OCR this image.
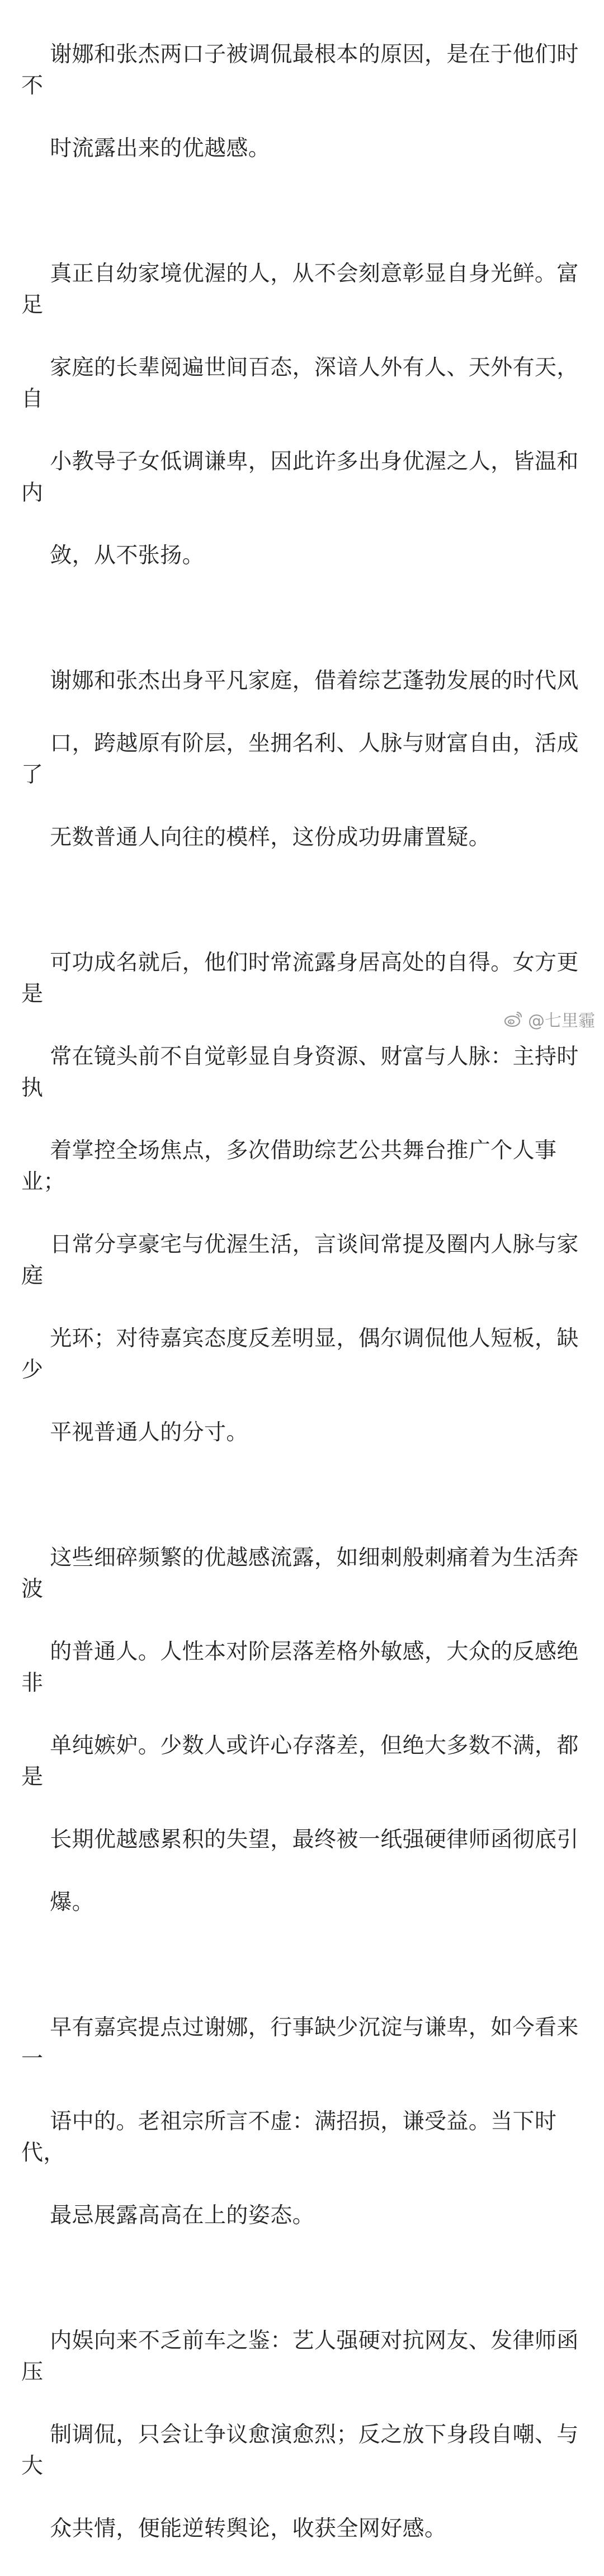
谢娜和张杰两口子被调侃最根本的原因，是在于他们时不

时流露出来的优越感。

真正自幼家境优渥的人，从不会刻意彰显自身光鲜。富足

家庭的长辈阅遍世间百态，深谙人外有人、天外有天，自

小教导子女低调谦卑，因此许多出身优渥之人，皆温和内

敛，从不张扬。

谢娜和张杰出身平凡家庭，借着综艺蓬勃发展的时代风

口，跨越原有阶层，坐拥名利、人脉与财富自由，活成了

无数普通人向往的模样，这份成功毋庸置疑。

可功成名就后，他们时常流露身居高处的自得。女方更是

常在镜头前不自觉彰显自身资源、财富与人脉：主持时执

着掌控全场焦点，多次借助综艺公共舞台推广个人事业；

日常分享豪宅与优渥生活，言谈间常提及圈内人脉与家庭

光环；对待嘉宾态度反差明显，偶尔调侃他人短板，缺少

平视普通人的分寸。

这些细碎频繁的优越感流露，如细刺般刺痛着为生活奔波

的普通人。人性本对阶层落差格外敏感，大众的反感绝非

单纯嫉妒。少数人或许心存落差，但绝大多数不满，都是

长期优越感累积的失望，最终被一纸强硬律师函彻底引

爆。

早有嘉宾提点过谢娜，行事缺少沉淀与谦卑，如今看来一

语中的。老祖宗所言不虚：满招损，谦受益。当下时代，

最忌展露高高在上的姿态。

内娱向来不乏前车之鉴：艺人强硬对抗网友、发律师函压

制调侃，只会让争议愈演愈烈；反之放下身段自嘲、与大

众共情，便能逆转舆论，收获全网好感。

@七里霾
